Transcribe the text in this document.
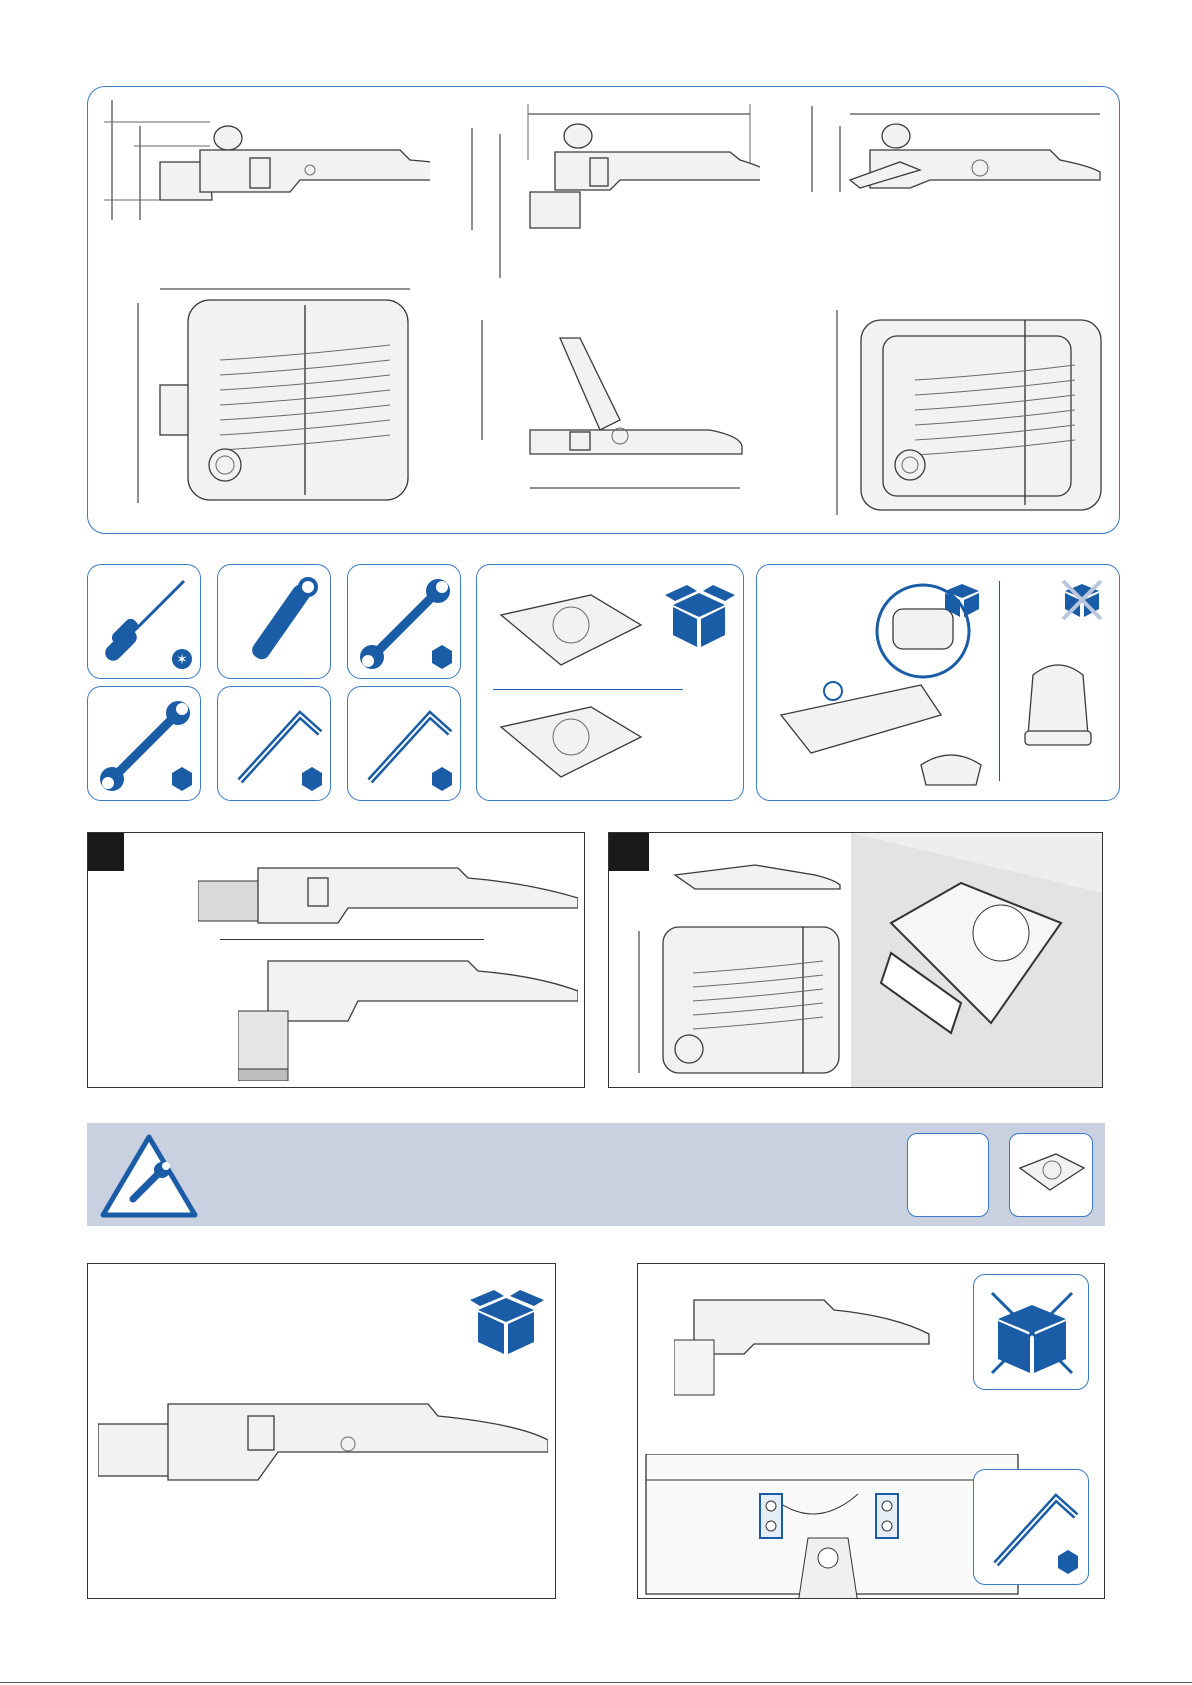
✶
